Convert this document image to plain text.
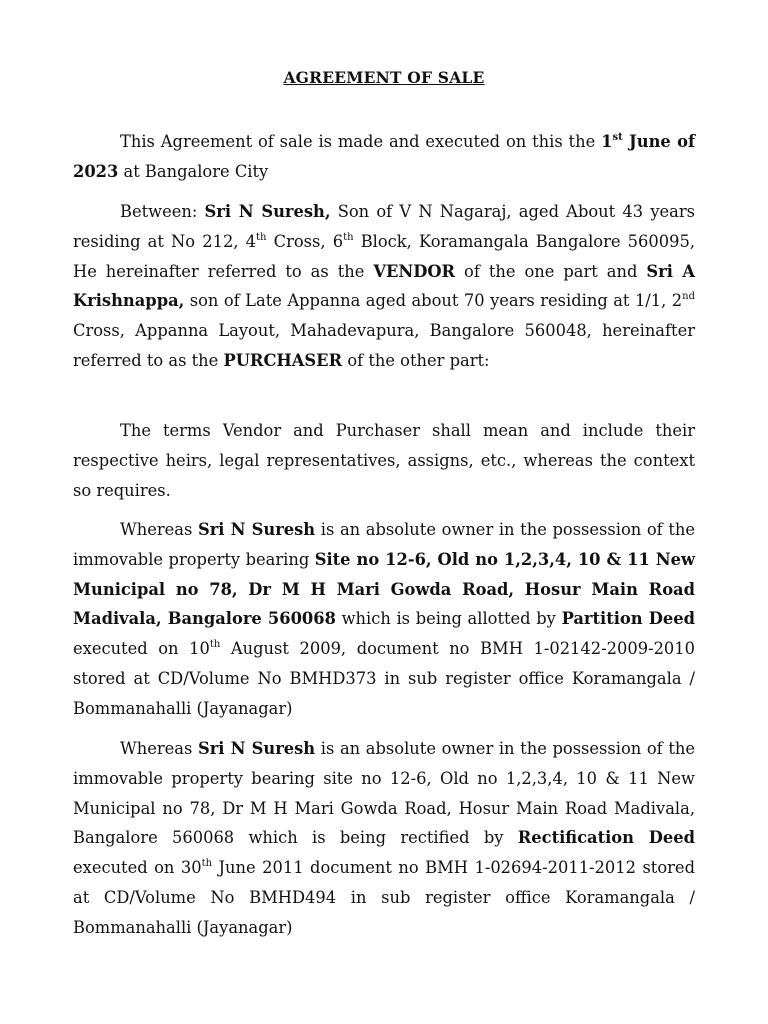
AGREEMENT OF SALE

This Agreement of sale is made and executed on this the 1st June of 2023 at Bangalore City

Between: Sri N Suresh, Son of V N Nagaraj, aged About 43 years residing at No 212, 4th Cross, 6th Block, Koramangala Bangalore 560095, He hereinafter referred to as the VENDOR of the one part and Sri A Krishnappa, son of Late Appanna aged about 70 years residing at 1/1, 2nd Cross, Appanna Layout, Mahadevapura, Bangalore 560048, hereinafter referred to as the PURCHASER of the other part:

The terms Vendor and Purchaser shall mean and include their respective heirs, legal representatives, assigns, etc., whereas the context so requires.

Whereas Sri N Suresh is an absolute owner in the possession of the immovable property bearing Site no 12-6, Old no 1,2,3,4, 10 & 11 New Municipal no 78, Dr M H Mari Gowda Road, Hosur Main Road Madivala, Bangalore 560068 which is being allotted by Partition Deed executed on 10th August 2009, document no BMH 1-02142-2009-2010 stored at CD/Volume No BMHD373 in sub register office Koramangala / Bommanahalli (Jayanagar)

Whereas Sri N Suresh is an absolute owner in the possession of the immovable property bearing site no 12-6, Old no 1,2,3,4, 10 & 11 New Municipal no 78, Dr M H Mari Gowda Road, Hosur Main Road Madivala, Bangalore 560068 which is being rectified by Rectification Deed executed on 30th June 2011 document no BMH 1-02694-2011-2012 stored at CD/Volume No BMHD494 in sub register office Koramangala / Bommanahalli (Jayanagar)
